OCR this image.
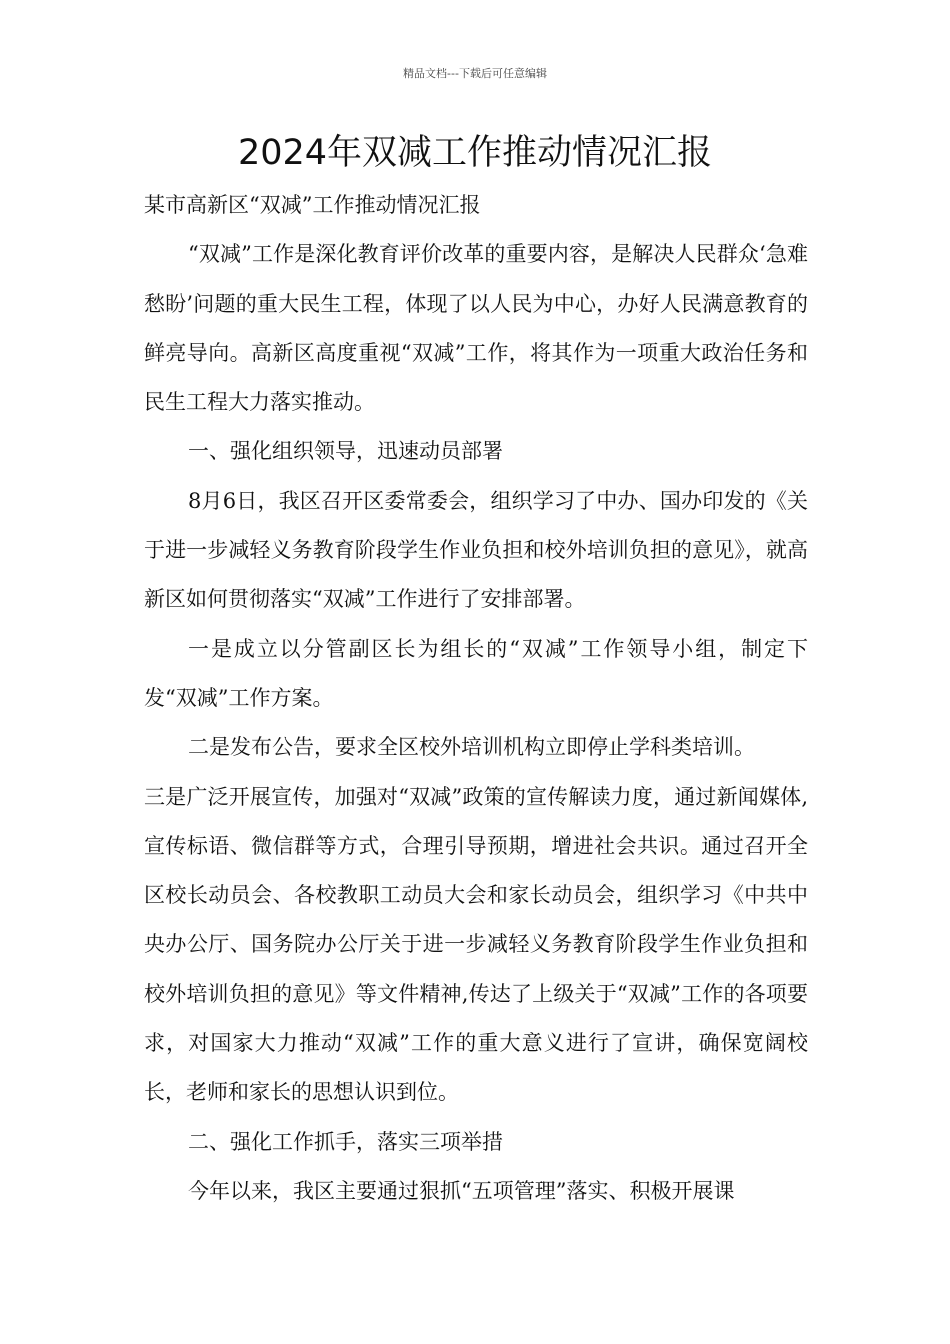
精品文档---下载后可任意编辑
2024年双减工作推动情况汇报

某市高新区“双减”工作推动情况汇报

“双减”工作是深化教育评价改革的重要内容，是解决人民群众‘急难愁盼’问题的重大民生工程，体现了以人民为中心，办好人民满意教育的鲜亮导向。高新区高度重视“双减”工作，将其作为一项重大政治任务和民生工程大力落实推动。

一、强化组织领导，迅速动员部署

8月6日，我区召开区委常委会，组织学习了中办、国办印发的《关于进一步减轻义务教育阶段学生作业负担和校外培训负担的意见》，就高新区如何贯彻落实“双减”工作进行了安排部署。

一是成立以分管副区长为组长的“双减”工作领导小组，制定下发“双减”工作方案。

二是发布公告，要求全区校外培训机构立即停止学科类培训。

三是广泛开展宣传，加强对“双减”政策的宣传解读力度，通过新闻媒体,宣传标语、微信群等方式，合理引导预期，增进社会共识。通过召开全区校长动员会、各校教职工动员大会和家长动员会，组织学习《中共中央办公厅、国务院办公厅关于进一步减轻义务教育阶段学生作业负担和校外培训负担的意见》等文件精神,传达了上级关于“双减”工作的各项要求，对国家大力推动“双减”工作的重大意义进行了宣讲，确保宽阔校长，老师和家长的思想认识到位。

二、强化工作抓手，落实三项举措

今年以来，我区主要通过狠抓“五项管理”落实、积极开展课
